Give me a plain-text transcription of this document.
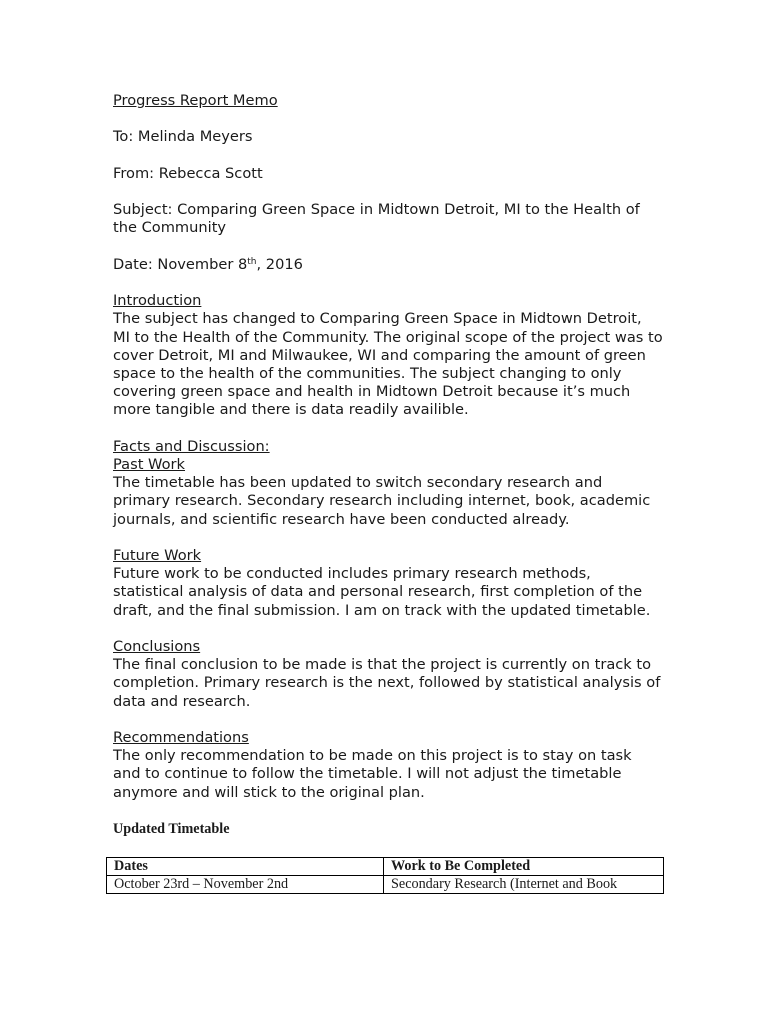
Progress Report Memo

To: Melinda Meyers

From: Rebecca Scott

Subject: Comparing Green Space in Midtown Detroit, MI to the Health of the Community

Date: November 8th, 2016

Introduction

The subject has changed to Comparing Green Space in Midtown Detroit, MI to the Health of the Community. The original scope of the project was to cover Detroit, MI and Milwaukee, WI and comparing the amount of green space to the health of the communities. The subject changing to only covering green space and health in Midtown Detroit because it’s much more tangible and there is data readily availible.

Facts and Discussion:

Past Work

The timetable has been updated to switch secondary research and primary research. Secondary research including internet, book, academic journals, and scientific research have been conducted already.

Future Work

Future work to be conducted includes primary research methods, statistical analysis of data and personal research, first completion of the draft, and the final submission. I am on track with the updated timetable.

Conclusions

The final conclusion to be made is that the project is currently on track to completion. Primary research is the next, followed by statistical analysis of data and research.

Recommendations

The only recommendation to be made on this project is to stay on task and to continue to follow the timetable. I will not adjust the timetable anymore and will stick to the original plan.

Updated Timetable

Dates	Work to Be Completed
October 23rd – November 2nd	Secondary Research (Internet and Book
